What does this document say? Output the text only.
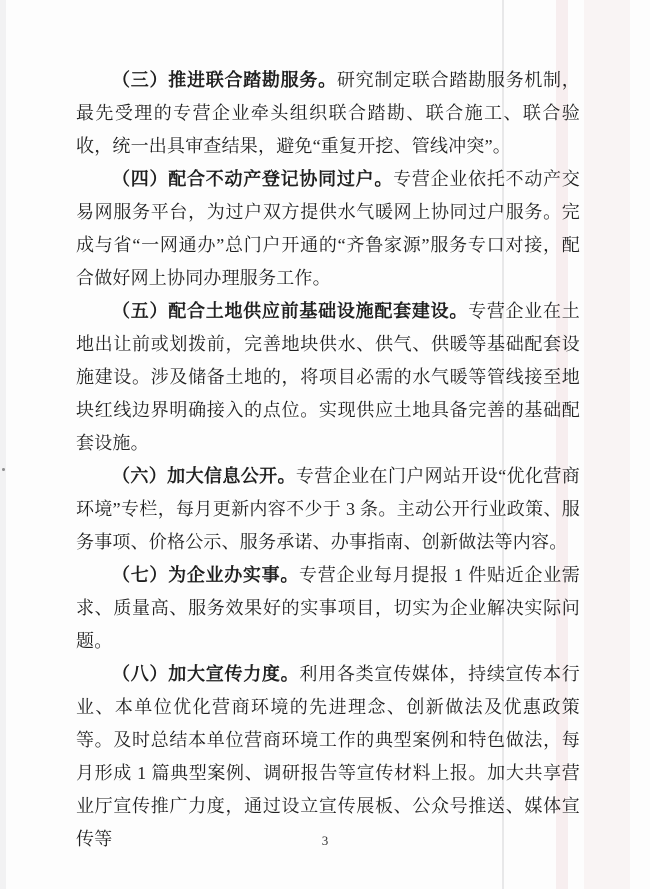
（三）推进联合踏勘服务。研究制定联合踏勘服务机制，最先受理的专营企业牵头组织联合踏勘、联合施工、联合验收，统一出具审查结果，避免“重复开挖、管线冲突”。

（四）配合不动产登记协同过户。专营企业依托不动产交易网服务平台，为过户双方提供水气暖网上协同过户服务。完成与省“一网通办”总门户开通的“齐鲁家源”服务专口对接，配合做好网上协同办理服务工作。

（五）配合土地供应前基础设施配套建设。专营企业在土地出让前或划拨前，完善地块供水、供气、供暖等基础配套设施建设。涉及储备土地的，将项目必需的水气暖等管线接至地块红线边界明确接入的点位。实现供应土地具备完善的基础配套设施。

（六）加大信息公开。专营企业在门户网站开设“优化营商环境”专栏，每月更新内容不少于 3 条。主动公开行业政策、服务事项、价格公示、服务承诺、办事指南、创新做法等内容。

（七）为企业办实事。专营企业每月提报 1 件贴近企业需求、质量高、服务效果好的实事项目，切实为企业解决实际问题。

（八）加大宣传力度。利用各类宣传媒体，持续宣传本行业、本单位优化营商环境的先进理念、创新做法及优惠政策等。及时总结本单位营商环境工作的典型案例和特色做法，每月形成 1 篇典型案例、调研报告等宣传材料上报。加大共享营业厅宣传推广力度，通过设立宣传展板、公众号推送、媒体宣传等	3
